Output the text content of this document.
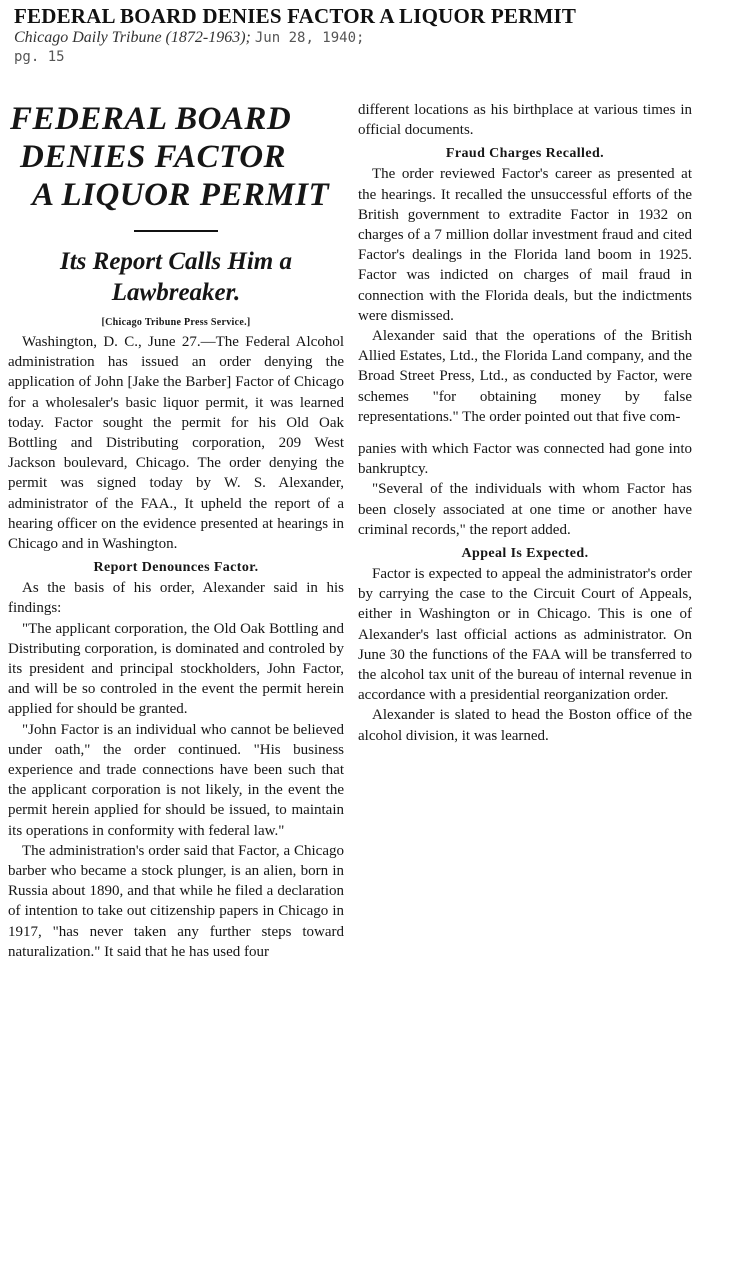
FEDERAL BOARD DENIES FACTOR A LIQUOR PERMIT
Chicago Daily Tribune (1872-1963); Jun 28, 1940;
pg. 15
FEDERAL BOARD
DENIES FACTOR
A LIQUOR PERMIT
Its Report Calls Him a Lawbreaker.
[Chicago Tribune Press Service.]

Washington, D. C., June 27.—The Federal Alcohol administration has issued an order denying the application of John [Jake the Barber] Factor of Chicago for a wholesaler's basic liquor permit, it was learned today. Factor sought the permit for his Old Oak Bottling and Distributing corporation, 209 West Jackson boulevard, Chicago. The order denying the permit was signed today by W. S. Alexander, administrator of the FAA., It upheld the report of a hearing officer on the evidence presented at hearings in Chicago and in Washington.

Report Denounces Factor.

As the basis of his order, Alexander said in his findings:

"The applicant corporation, the Old Oak Bottling and Distributing corporation, is dominated and controled by its president and principal stockholders, John Factor, and will be so controled in the event the permit herein applied for should be granted.

"John Factor is an individual who cannot be believed under oath," the order continued. "His business experience and trade connections have been such that the applicant corporation is not likely, in the event the permit herein applied for should be issued, to maintain its operations in conformity with federal law."

The administration's order said that Factor, a Chicago barber who became a stock plunger, is an alien, born in Russia about 1890, and that while he filed a declaration of intention to take out citizenship papers in Chicago in 1917, "has never taken any further steps toward naturalization." It said that he has used four

different locations as his birthplace at various times in official documents.

Fraud Charges Recalled.

The order reviewed Factor's career as presented at the hearings. It recalled the unsuccessful efforts of the British government to extradite Factor in 1932 on charges of a 7 million dollar investment fraud and cited Factor's dealings in the Florida land boom in 1925. Factor was indicted on charges of mail fraud in connection with the Florida deals, but the indictments were dismissed.

Alexander said that the operations of the British Allied Estates, Ltd., the Florida Land company, and the Broad Street Press, Ltd., as conducted by Factor, were schemes "for obtaining money by false representations." The order pointed out that five com-

panies with which Factor was connected had gone into bankruptcy.

"Several of the individuals with whom Factor has been closely associated at one time or another have criminal records," the report added.

Appeal Is Expected.

Factor is expected to appeal the administrator's order by carrying the case to the Circuit Court of Appeals, either in Washington or in Chicago. This is one of Alexander's last official actions as administrator. On June 30 the functions of the FAA will be transferred to the alcohol tax unit of the bureau of internal revenue in accordance with a presidential reorganization order.

Alexander is slated to head the Boston office of the alcohol division, it was learned.
